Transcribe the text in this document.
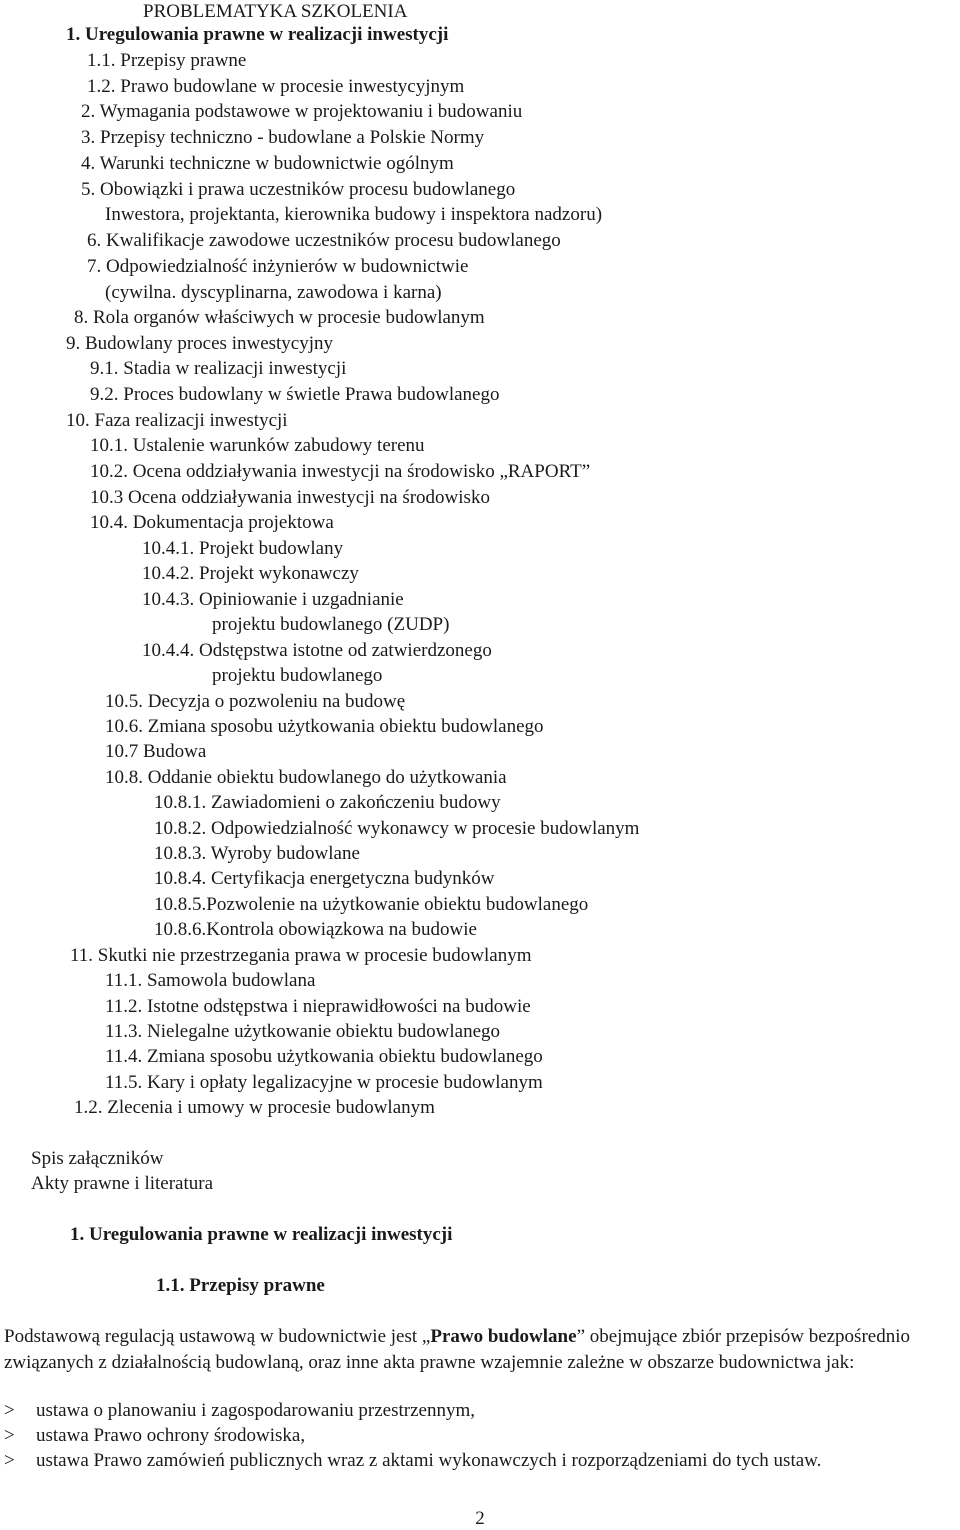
PROBLEMATYKA SZKOLENIA
1. Uregulowania prawne w realizacji inwestycji
1.1. Przepisy prawne
1.2. Prawo budowlane w procesie inwestycyjnym
2. Wymagania podstawowe w projektowaniu i budowaniu
3. Przepisy techniczno - budowlane a Polskie Normy
4. Warunki techniczne w budownictwie ogólnym
5. Obowiązki i prawa uczestników procesu budowlanego
Inwestora, projektanta, kierownika budowy i inspektora nadzoru)
6. Kwalifikacje zawodowe uczestników procesu budowlanego
7. Odpowiedzialność inżynierów w budownictwie
(cywilna. dyscyplinarna, zawodowa i karna)
8. Rola organów właściwych w procesie budowlanym
9. Budowlany proces inwestycyjny
9.1. Stadia w realizacji inwestycji
9.2. Proces budowlany w świetle Prawa budowlanego
10. Faza realizacji inwestycji
10.1. Ustalenie warunków zabudowy terenu
10.2. Ocena oddziaływania inwestycji na środowisko „RAPORT”
10.3 Ocena oddziaływania inwestycji na środowisko
10.4. Dokumentacja projektowa
10.4.1. Projekt budowlany
10.4.2. Projekt wykonawczy
10.4.3. Opiniowanie i uzgadnianie
projektu budowlanego (ZUDP)
10.4.4. Odstępstwa istotne od zatwierdzonego
projektu budowlanego
10.5. Decyzja o pozwoleniu na budowę
10.6. Zmiana sposobu użytkowania obiektu budowlanego
10.7 Budowa
10.8. Oddanie obiektu budowlanego do użytkowania
10.8.1. Zawiadomieni o zakończeniu budowy
10.8.2. Odpowiedzialność wykonawcy w procesie budowlanym
10.8.3. Wyroby budowlane
10.8.4. Certyfikacja energetyczna budynków
10.8.5.Pozwolenie na użytkowanie obiektu budowlanego
10.8.6.Kontrola obowiązkowa na budowie
11. Skutki nie przestrzegania prawa w procesie budowlanym
11.1. Samowola budowlana
11.2. Istotne odstępstwa i nieprawidłowości na budowie
11.3. Nielegalne użytkowanie obiektu budowlanego
11.4. Zmiana sposobu użytkowania obiektu budowlanego
11.5. Kary i opłaty legalizacyjne w procesie budowlanym
1.2. Zlecenia i umowy w procesie budowlanym
Spis załączników
Akty prawne i literatura
1. Uregulowania prawne w realizacji inwestycji
1.1. Przepisy prawne
Podstawową regulacją ustawową w budownictwie jest „Prawo budowlane” obejmujące zbiór przepisów bezpośrednio związanych z działalnością budowlaną, oraz inne akta prawne wzajemnie zależne w obszarze budownictwa jak:
> ustawa o planowaniu i zagospodarowaniu przestrzennym,
> ustawa Prawo ochrony środowiska,
> ustawa Prawo zamówień publicznych wraz z aktami wykonawczych i rozporządzeniami do tych ustaw.
2
